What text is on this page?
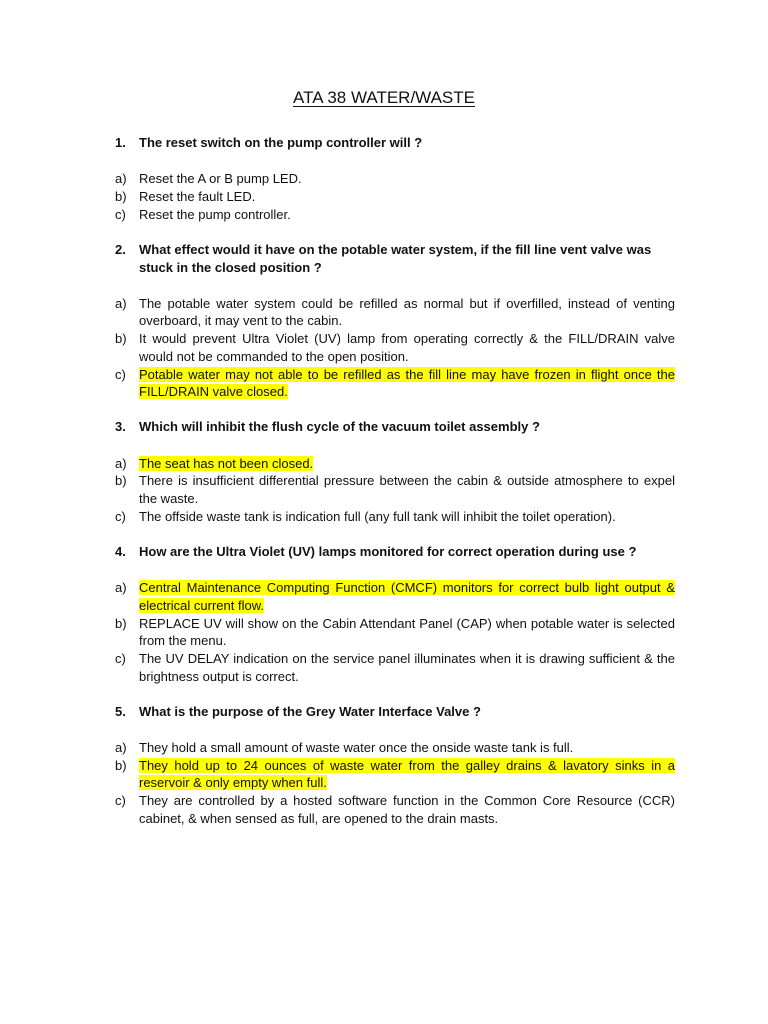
ATA 38 WATER/WASTE
1.	The reset switch on the pump controller will ?
a) Reset the A or B pump LED.
b) Reset the fault LED.
c)	Reset the pump controller.
2.	What effect would it have on the potable water system, if the fill line vent valve was stuck in the closed position ?
a) The potable water system could be refilled as normal but if overfilled, instead of venting overboard, it may vent to the cabin.
b) It would prevent Ultra Violet (UV) lamp from operating correctly & the FILL/DRAIN valve would not be commanded to the open position.
c)	Potable water may not able to be refilled as the fill line may have frozen in flight once the FILL/DRAIN valve closed.
3.	Which will inhibit the flush cycle of the vacuum toilet assembly ?
a) The seat has not been closed.
b) There is insufficient differential pressure between the cabin & outside atmosphere to expel the waste.
c)	The offside waste tank is indication full (any full tank will inhibit the toilet operation).
4.	How are the Ultra Violet (UV) lamps monitored for correct operation during use ?
a) Central Maintenance Computing Function (CMCF) monitors for correct bulb light output & electrical current flow.
b) REPLACE UV will show on the Cabin Attendant Panel (CAP) when potable water is selected from the menu.
c)	The UV DELAY indication on the service panel illuminates when it is drawing sufficient & the brightness output is correct.
5.	What is the purpose of the Grey Water Interface Valve ?
a) They hold a small amount of waste water once the onside waste tank is full.
b) They hold up to 24 ounces of waste water from the galley drains & lavatory sinks in a reservoir & only empty when full.
c)	They are controlled by a hosted software function in the Common Core Resource (CCR) cabinet, & when sensed as full, are opened to the drain masts.
